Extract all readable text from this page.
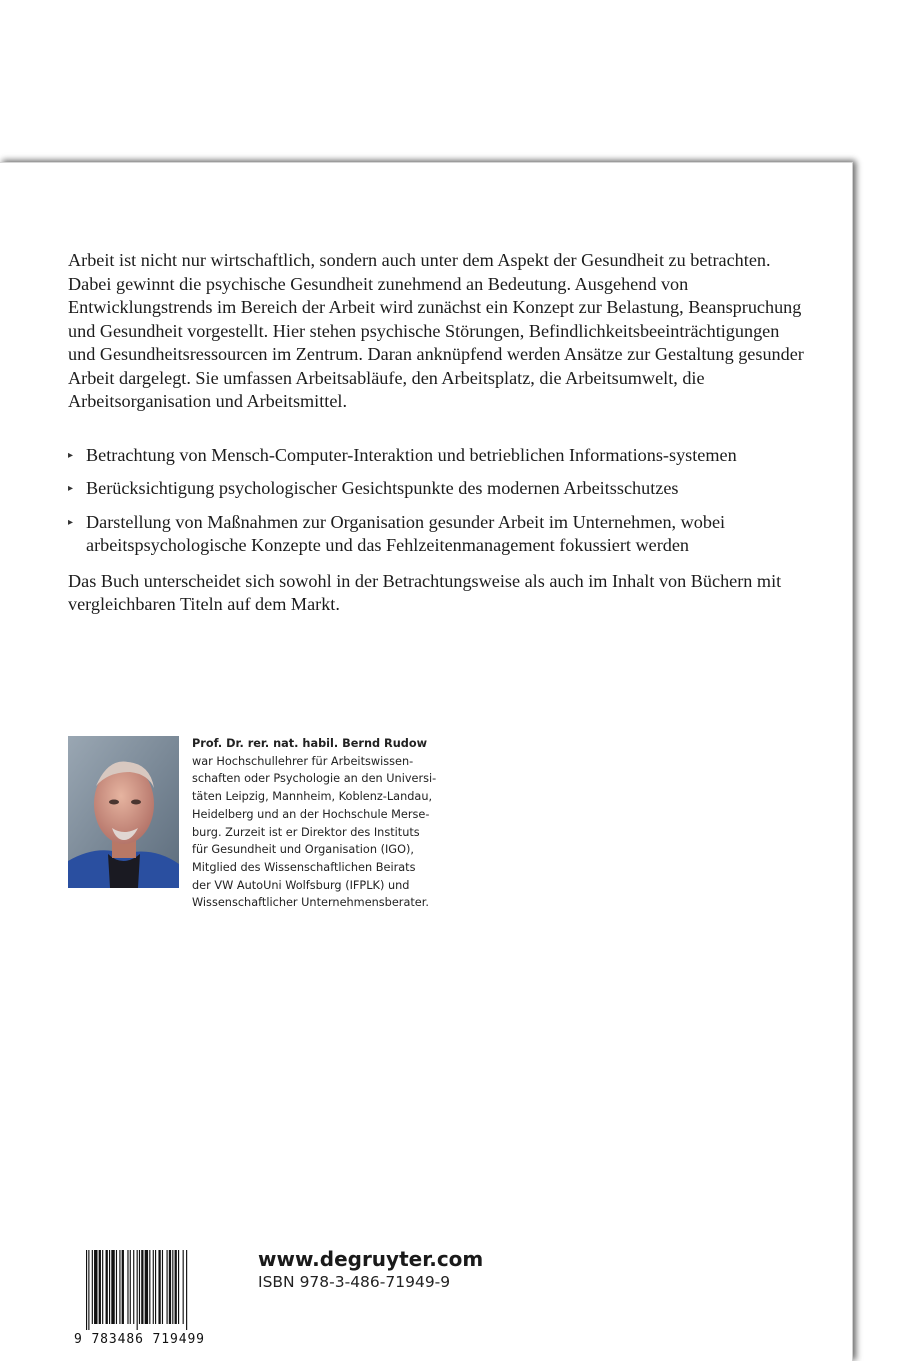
Arbeit ist nicht nur wirtschaftlich, sondern auch unter dem Aspekt der Gesundheit zu betrachten. Dabei gewinnt die psychische Gesundheit zunehmend an Bedeutung. Ausgehend von Entwicklungstrends im Bereich der Arbeit wird zunächst ein Konzept zur Belastung, Beanspruchung und Gesundheit vorgestellt. Hier stehen psychische Störungen, Befindlichkeitsbeeinträchtigungen und Gesundheitsressourcen im Zentrum. Daran anknüpfend werden Ansätze zur Gestaltung gesunder Arbeit dargelegt. Sie umfassen Arbeitsabläufe, den Arbeitsplatz, die Arbeitsumwelt, die Arbeitsorganisation und Arbeitsmittel.

▸ Betrachtung von Mensch-Computer-Interaktion und betrieblichen Informations-systemen
▸ Berücksichtigung psychologischer Gesichtspunkte des modernen Arbeitsschutzes
▸ Darstellung von Maßnahmen zur Organisation gesunder Arbeit im Unternehmen, wobei arbeitspsychologische Konzepte und das Fehlzeitenmanagement fokussiert werden

Das Buch unterscheidet sich sowohl in der Betrachtungsweise als auch im Inhalt von Büchern mit vergleichbaren Titeln auf dem Markt.

Prof. Dr. rer. nat. habil. Bernd Rudow
war Hochschullehrer für Arbeitswissen-
schaften oder Psychologie an den Universi-
täten Leipzig, Mannheim, Koblenz-Landau,
Heidelberg und an der Hochschule Merse-
burg. Zurzeit ist er Direktor des Instituts
für Gesundheit und Organisation (IGO),
Mitglied des Wissenschaftlichen Beirats
der VW AutoUni Wolfsburg (IFPLK) und
Wissenschaftlicher Unternehmensberater.
9 783486 719499
www.degruyter.com
ISBN 978-3-486-71949-9
